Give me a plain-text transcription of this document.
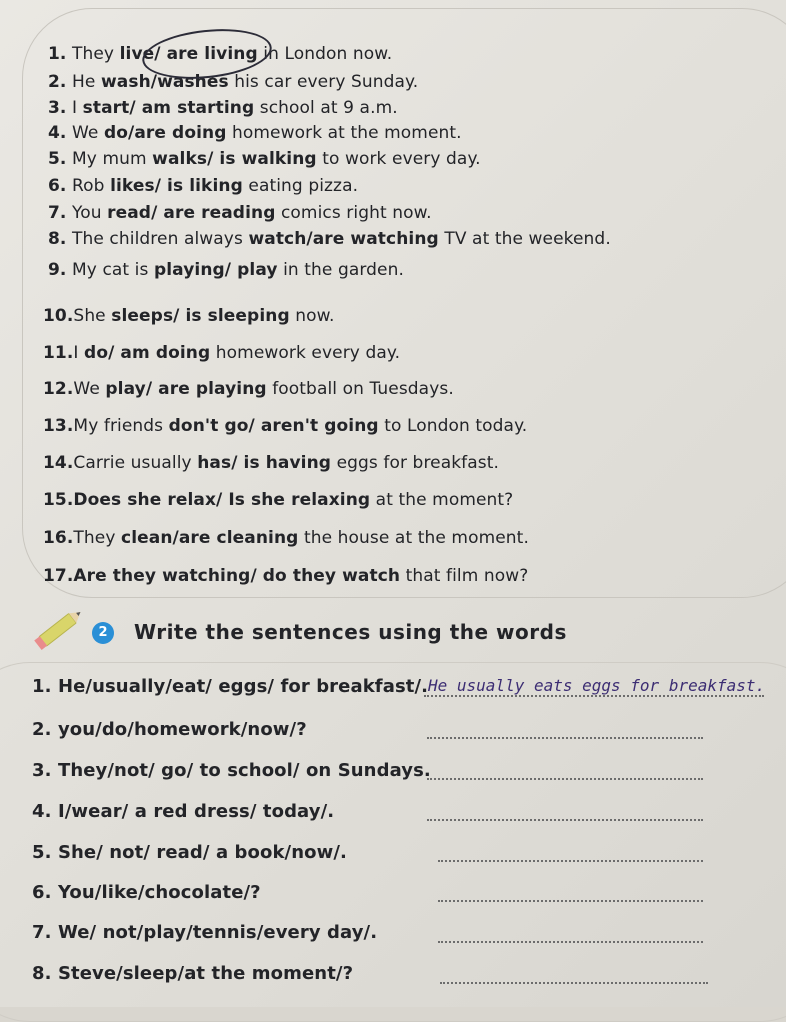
1. They live/ are living in London now.
2. He wash/washes his car every Sunday.
3. I start/ am starting school at 9 a.m.
4. We do/are doing homework at the moment.
5. My mum walks/ is walking to work every day.
6. Rob likes/ is liking eating pizza.
7. You read/ are reading comics right now.
8. The children always watch/are watching TV at the weekend.
9. My cat is playing/ play in the garden.
10.She sleeps/ is sleeping now.
11.I do/ am doing homework every day.
12.We play/ are playing football on Tuesdays.
13.My friends don't go/ aren't going to London today.
14.Carrie usually has/ is having eggs for breakfast.
15.Does she relax/ Is she relaxing at the moment?
16.They clean/are cleaning the house at the moment.
17.Are they watching/ do they watch that film now?
2	Write the sentences using the words
1. He/usually/eat/ eggs/ for breakfast/. He usually eats eggs for breakfast.
2. you/do/homework/now/?
3. They/not/ go/ to school/ on Sundays.
4. I/wear/ a red dress/ today/.
5. She/ not/ read/ a book/now/.
6. You/like/chocolate/?
7. We/ not/play/tennis/every day/.
8. Steve/sleep/at the moment/?
